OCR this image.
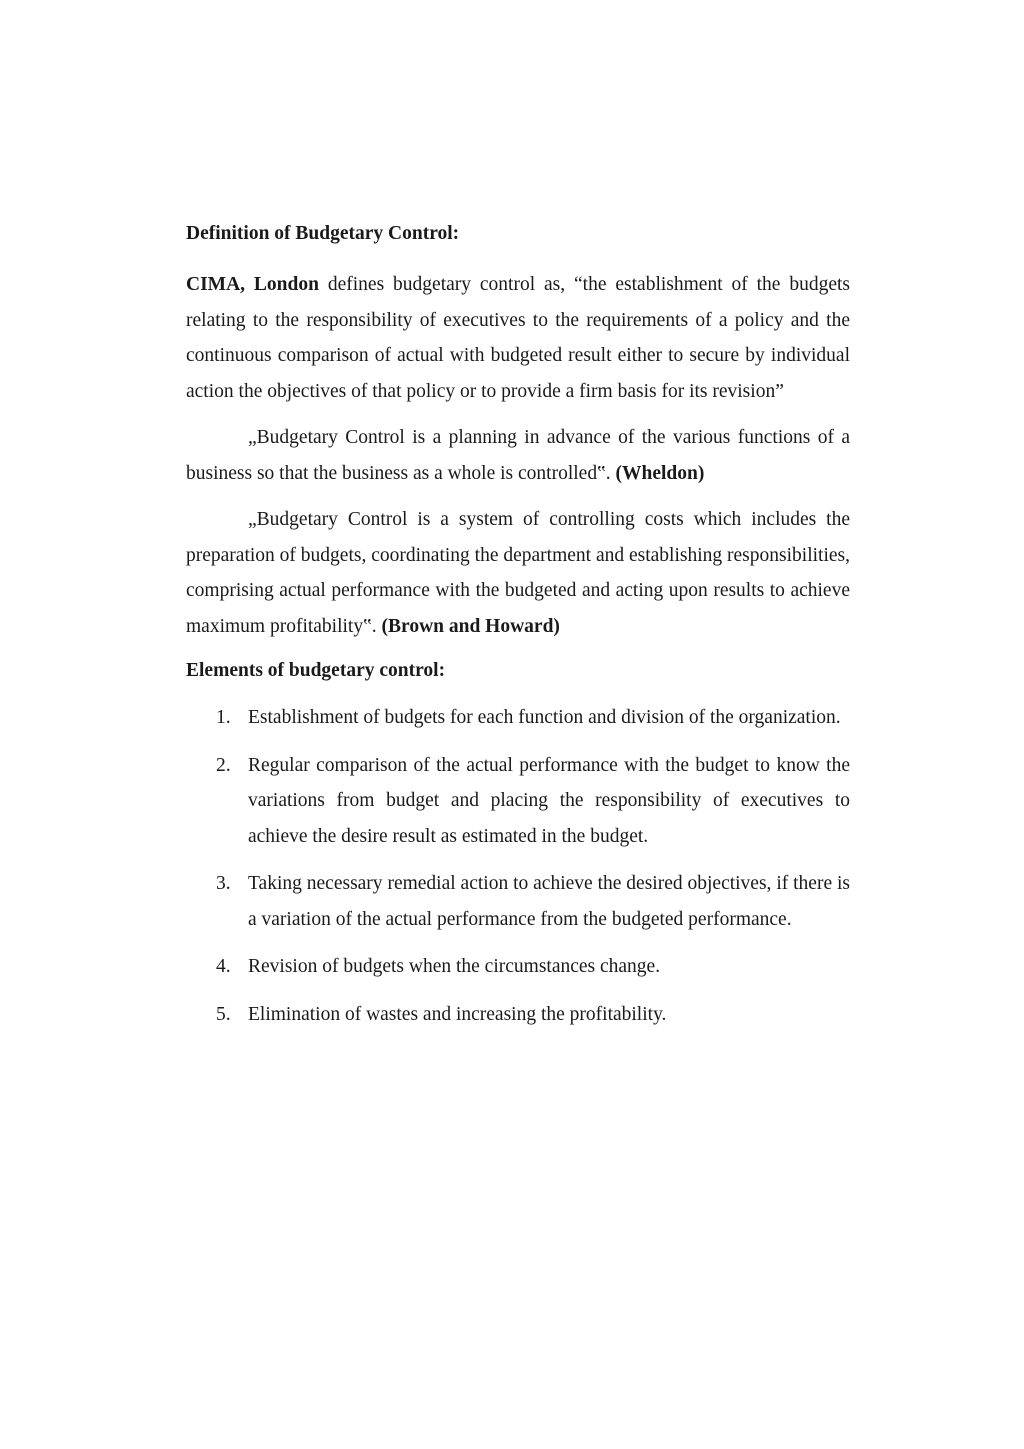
Definition of Budgetary Control:

CIMA, London defines budgetary control as, “the establishment of the budgets relating to the responsibility of executives to the requirements of a policy and the continuous comparison of actual with budgeted result either to secure by individual action the objectives of that policy or to provide a firm basis for its revision”

„Budgetary Control is a planning in advance of the various functions of a business so that the business as a whole is controlled‟. (Wheldon)

„Budgetary Control is a system of controlling costs which includes the preparation of budgets, coordinating the department and establishing responsibilities, comprising actual performance with the budgeted and acting upon results to achieve maximum profitability‟. (Brown and Howard)

Elements of budgetary control:

1. Establishment of budgets for each function and division of the organization.
2. Regular comparison of the actual performance with the budget to know the variations from budget and placing the responsibility of executives to achieve the desire result as estimated in the budget.
3. Taking necessary remedial action to achieve the desired objectives, if there is a variation of the actual performance from the budgeted performance.
4. Revision of budgets when the circumstances change.
5. Elimination of wastes and increasing the profitability.
